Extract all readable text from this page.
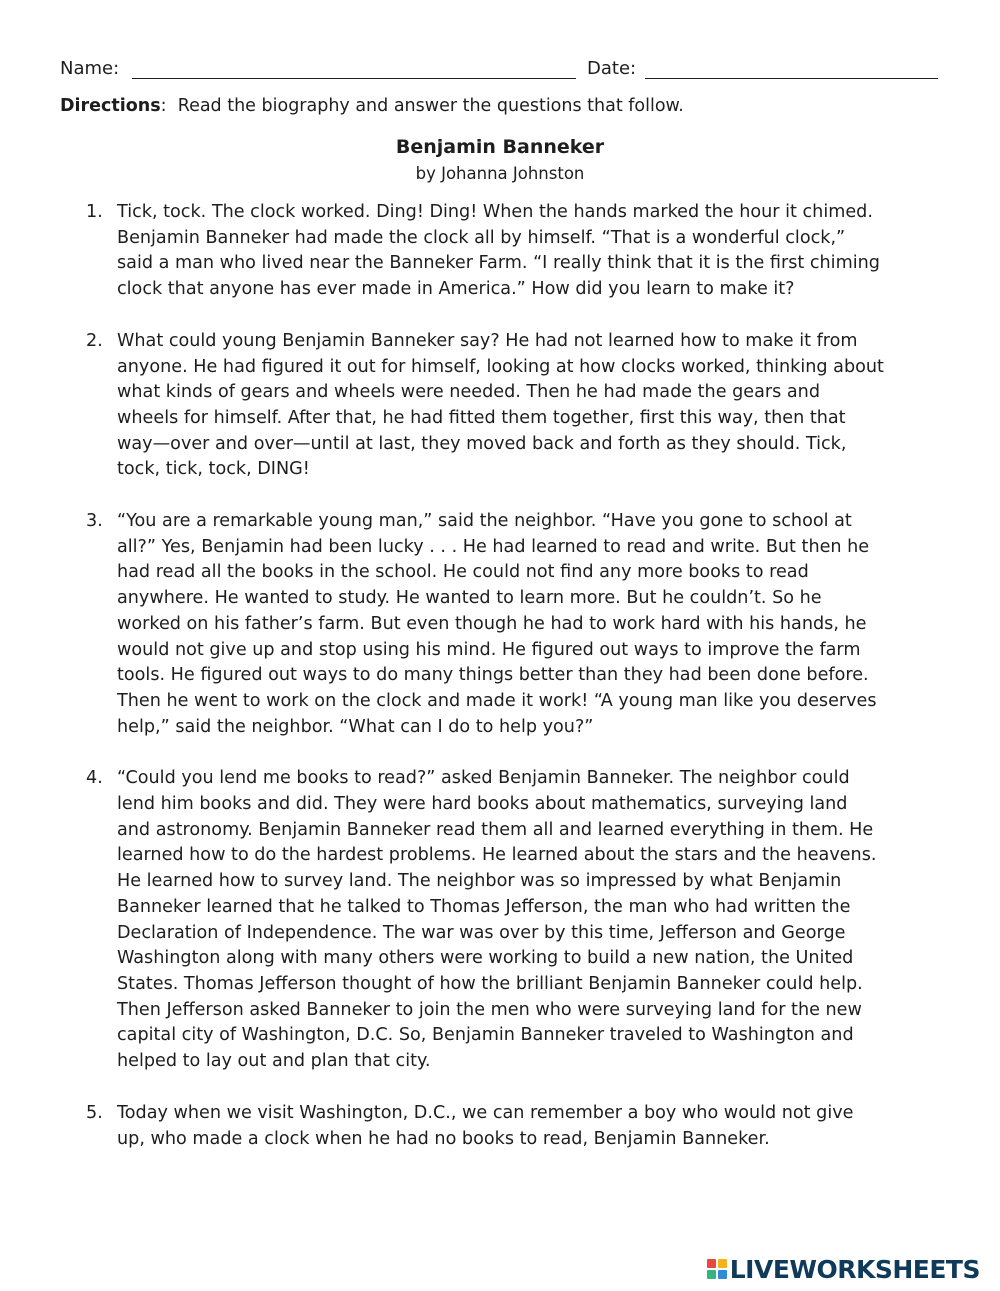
Name:	Date:
Directions:  Read the biography and answer the questions that follow.
Benjamin Banneker
by Johanna Johnston
1. Tick, tock. The clock worked. Ding! Ding! When the hands marked the hour it chimed.
Benjamin Banneker had made the clock all by himself. “That is a wonderful clock,”
said a man who lived near the Banneker Farm. “I really think that it is the first chiming
clock that anyone has ever made in America.” How did you learn to make it?
2. What could young Benjamin Banneker say? He had not learned how to make it from
anyone. He had figured it out for himself, looking at how clocks worked, thinking about
what kinds of gears and wheels were needed. Then he had made the gears and
wheels for himself. After that, he had fitted them together, first this way, then that
way—over and over—until at last, they moved back and forth as they should. Tick,
tock, tick, tock, DING!
3. “You are a remarkable young man,” said the neighbor. “Have you gone to school at
all?” Yes, Benjamin had been lucky . . . He had learned to read and write. But then he
had read all the books in the school. He could not find any more books to read
anywhere. He wanted to study. He wanted to learn more. But he couldn’t. So he
worked on his father’s farm. But even though he had to work hard with his hands, he
would not give up and stop using his mind. He figured out ways to improve the farm
tools. He figured out ways to do many things better than they had been done before.
Then he went to work on the clock and made it work! “A young man like you deserves
help,” said the neighbor. “What can I do to help you?”
4. “Could you lend me books to read?” asked Benjamin Banneker. The neighbor could
lend him books and did. They were hard books about mathematics, surveying land
and astronomy. Benjamin Banneker read them all and learned everything in them. He
learned how to do the hardest problems. He learned about the stars and the heavens.
He learned how to survey land. The neighbor was so impressed by what Benjamin
Banneker learned that he talked to Thomas Jefferson, the man who had written the
Declaration of Independence. The war was over by this time, Jefferson and George
Washington along with many others were working to build a new nation, the United
States. Thomas Jefferson thought of how the brilliant Benjamin Banneker could help.
Then Jefferson asked Banneker to join the men who were surveying land for the new
capital city of Washington, D.C. So, Benjamin Banneker traveled to Washington and
helped to lay out and plan that city.
5. Today when we visit Washington, D.C., we can remember a boy who would not give
up, who made a clock when he had no books to read, Benjamin Banneker.
LIVEWORKSHEETS
